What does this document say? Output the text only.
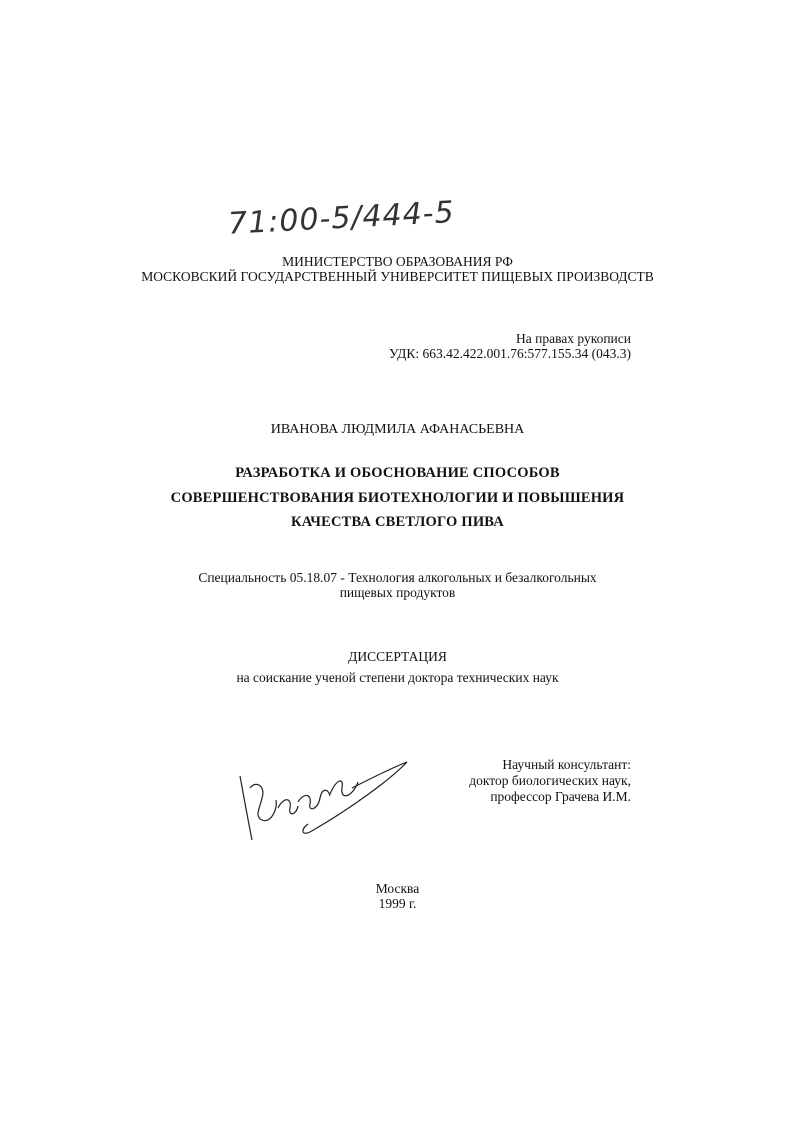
71:00-5/444-5
МИНИСТЕРСТВО ОБРАЗОВАНИЯ РФ
МОСКОВСКИЙ ГОСУДАРСТВЕННЫЙ УНИВЕРСИТЕТ ПИЩЕВЫХ ПРОИЗВОДСТВ
На правах рукописи
УДК: 663.42.422.001.76:577.155.34 (043.3)
ИВАНОВА ЛЮДМИЛА АФАНАСЬЕВНА
РАЗРАБОТКА И ОБОСНОВАНИЕ СПОСОБОВ
СОВЕРШЕНСТВОВАНИЯ БИОТЕХНОЛОГИИ И ПОВЫШЕНИЯ
КАЧЕСТВА СВЕТЛОГО ПИВА
Специальность 05.18.07 - Технология алкогольных и безалкогольных
пищевых продуктов
ДИССЕРТАЦИЯ
на соискание ученой степени доктора технических наук
Научный консультант:
доктор биологических наук,
профессор Грачева И.М.
Москва
1999 г.
